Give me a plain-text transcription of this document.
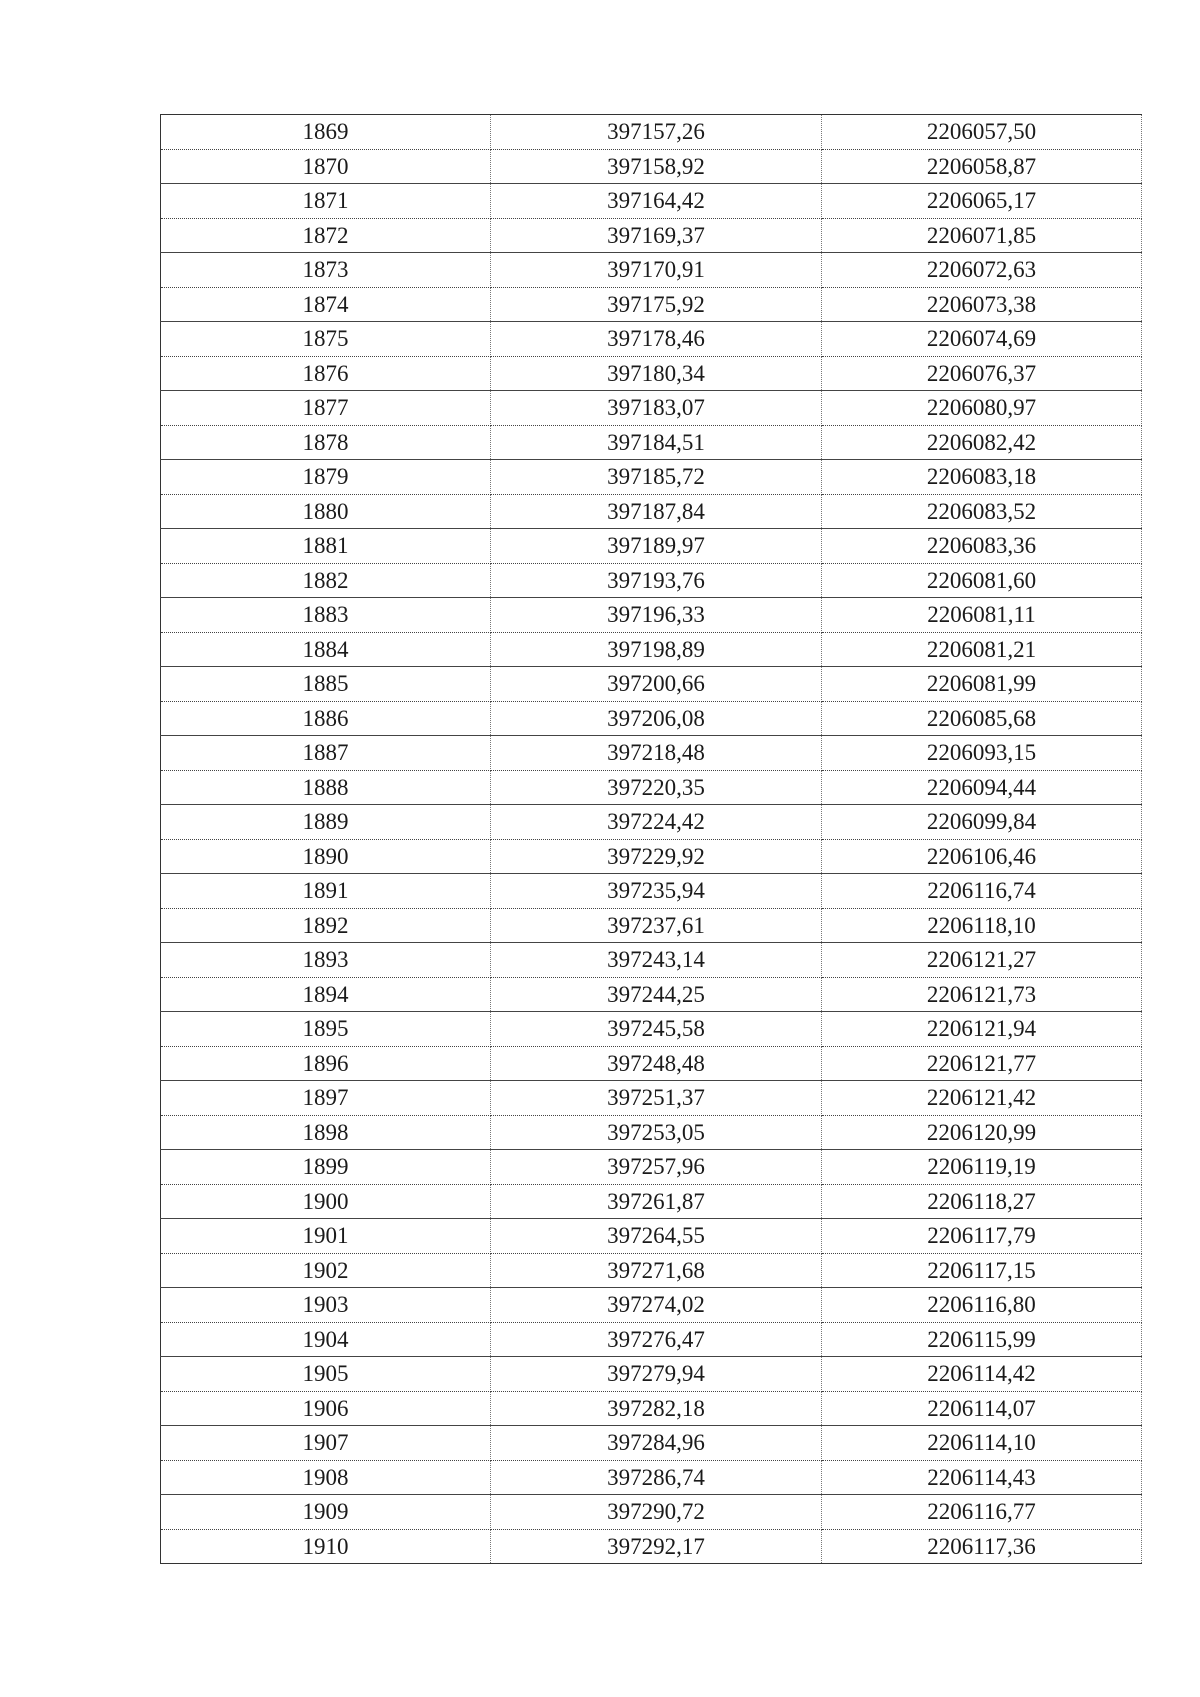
1869	397157,26	2206057,50
1870	397158,92	2206058,87
1871	397164,42	2206065,17
1872	397169,37	2206071,85
1873	397170,91	2206072,63
1874	397175,92	2206073,38
1875	397178,46	2206074,69
1876	397180,34	2206076,37
1877	397183,07	2206080,97
1878	397184,51	2206082,42
1879	397185,72	2206083,18
1880	397187,84	2206083,52
1881	397189,97	2206083,36
1882	397193,76	2206081,60
1883	397196,33	2206081,11
1884	397198,89	2206081,21
1885	397200,66	2206081,99
1886	397206,08	2206085,68
1887	397218,48	2206093,15
1888	397220,35	2206094,44
1889	397224,42	2206099,84
1890	397229,92	2206106,46
1891	397235,94	2206116,74
1892	397237,61	2206118,10
1893	397243,14	2206121,27
1894	397244,25	2206121,73
1895	397245,58	2206121,94
1896	397248,48	2206121,77
1897	397251,37	2206121,42
1898	397253,05	2206120,99
1899	397257,96	2206119,19
1900	397261,87	2206118,27
1901	397264,55	2206117,79
1902	397271,68	2206117,15
1903	397274,02	2206116,80
1904	397276,47	2206115,99
1905	397279,94	2206114,42
1906	397282,18	2206114,07
1907	397284,96	2206114,10
1908	397286,74	2206114,43
1909	397290,72	2206116,77
1910	397292,17	2206117,36
